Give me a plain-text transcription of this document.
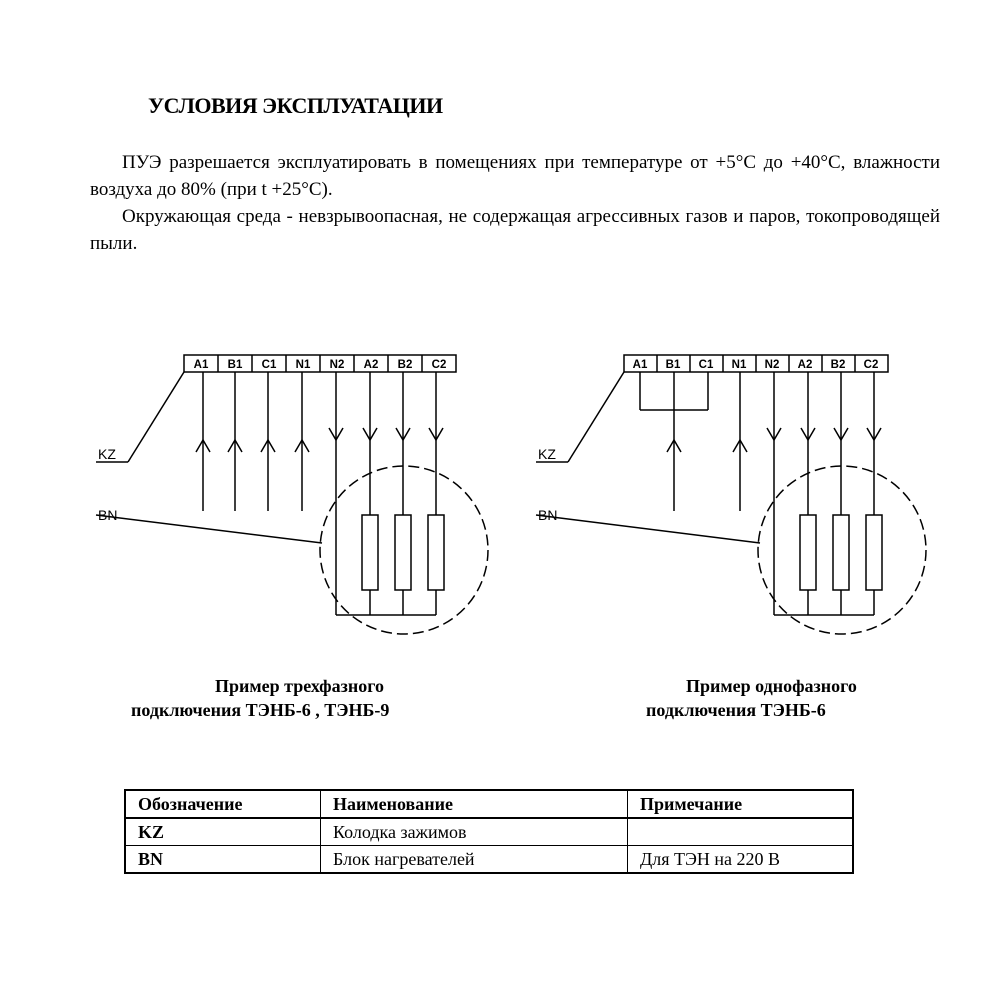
УСЛОВИЯ ЭКСПЛУАТАЦИИ

ПУЭ разрешается эксплуатировать в помещениях при температуре от +5°С до +40°С, влажности воздуха до 80% (при t +25°С).

Окружающая среда - невзрывоопасная, не содержащая агрессивных газов и паров, токопроводящей пыли.

A1 B1 C1 N1 N2 A2 B2 C2	A1 B1 C1 N1 N2 A2 B2 C2
KZ
BN
KZ
BN
Пример трехфазного
подключения ТЭНБ-6 , ТЭНБ-9
Пример однофазного
подключения ТЭНБ-6
Обозначение	Наименование	Примечание
KZ	Колодка зажимов	
BN	Блок нагревателей	Для ТЭН на 220 В
